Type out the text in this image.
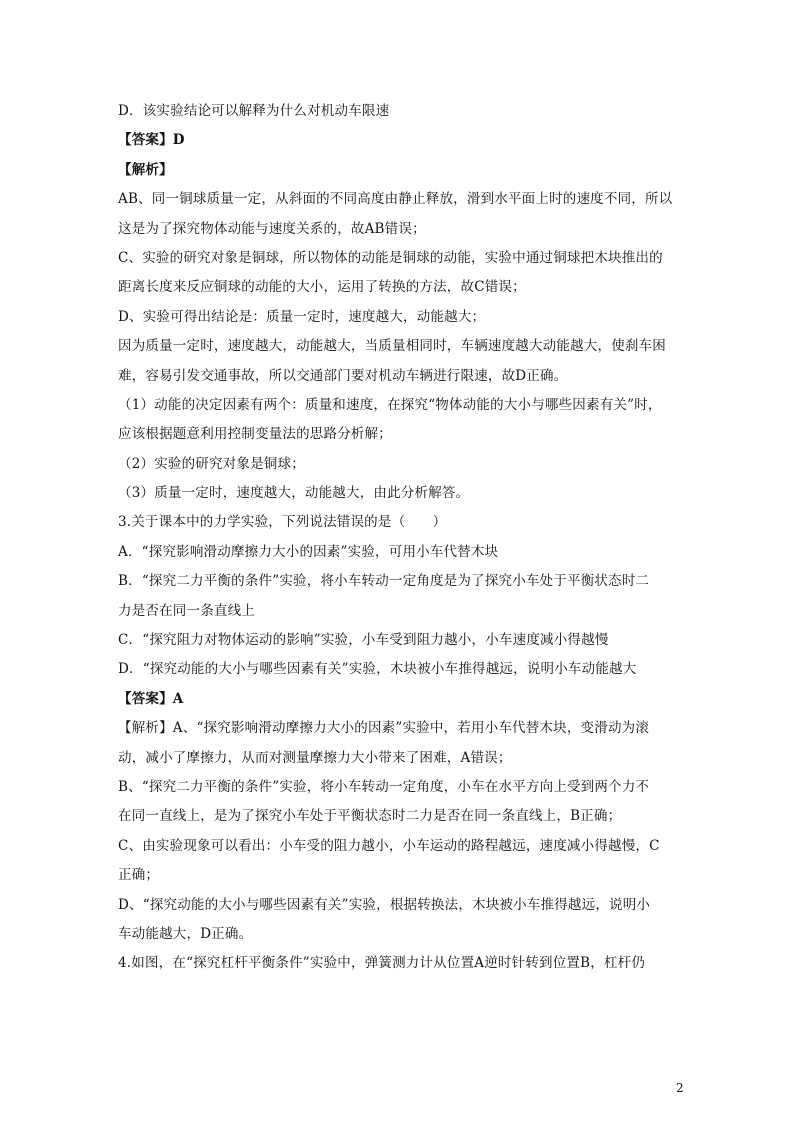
D．该实验结论可以解释为什么对机动车限速
【答案】D
【解析】
AB、同一铜球质量一定，从斜面的不同高度由静止释放，滑到水平面上时的速度不同，所以
这是为了探究物体动能与速度关系的，故AB错误；
C、实验的研究对象是铜球，所以物体的动能是铜球的动能，实验中通过铜球把木块推出的
距离长度来反应铜球的动能的大小，运用了转换的方法，故C错误；
D、实验可得出结论是：质量一定时，速度越大，动能越大；
因为质量一定时，速度越大，动能越大，当质量相同时，车辆速度越大动能越大，使刹车困
难，容易引发交通事故，所以交通部门要对机动车辆进行限速，故D正确。
（1）动能的决定因素有两个：质量和速度，在探究“物体动能的大小与哪些因素有关”时，
应该根据题意利用控制变量法的思路分析解；
（2）实验的研究对象是铜球；
（3）质量一定时，速度越大，动能越大，由此分析解答。
3.关于课本中的力学实验，下列说法错误的是（　　）
A．“探究影响滑动摩擦力大小的因素”实验，可用小车代替木块
B．“探究二力平衡的条件”实验，将小车转动一定角度是为了探究小车处于平衡状态时二
力是否在同一条直线上
C．“探究阻力对物体运动的影响”实验，小车受到阻力越小，小车速度减小得越慢
D．“探究动能的大小与哪些因素有关”实验，木块被小车推得越远，说明小车动能越大
【答案】A
【解析】A、“探究影响滑动摩擦力大小的因素”实验中，若用小车代替木块，变滑动为滚
动，减小了摩擦力，从而对测量摩擦力大小带来了困难，A错误；
B、“探究二力平衡的条件”实验，将小车转动一定角度，小车在水平方向上受到两个力不
在同一直线上，是为了探究小车处于平衡状态时二力是否在同一条直线上，B正确；
C、由实验现象可以看出：小车受的阻力越小，小车运动的路程越远，速度减小得越慢，C
正确；
D、“探究动能的大小与哪些因素有关”实验，根据转换法，木块被小车推得越远，说明小
车动能越大，D正确。
4.如图，在“探究杠杆平衡条件”实验中，弹簧测力计从位置A逆时针转到位置B，杠杆仍
2
